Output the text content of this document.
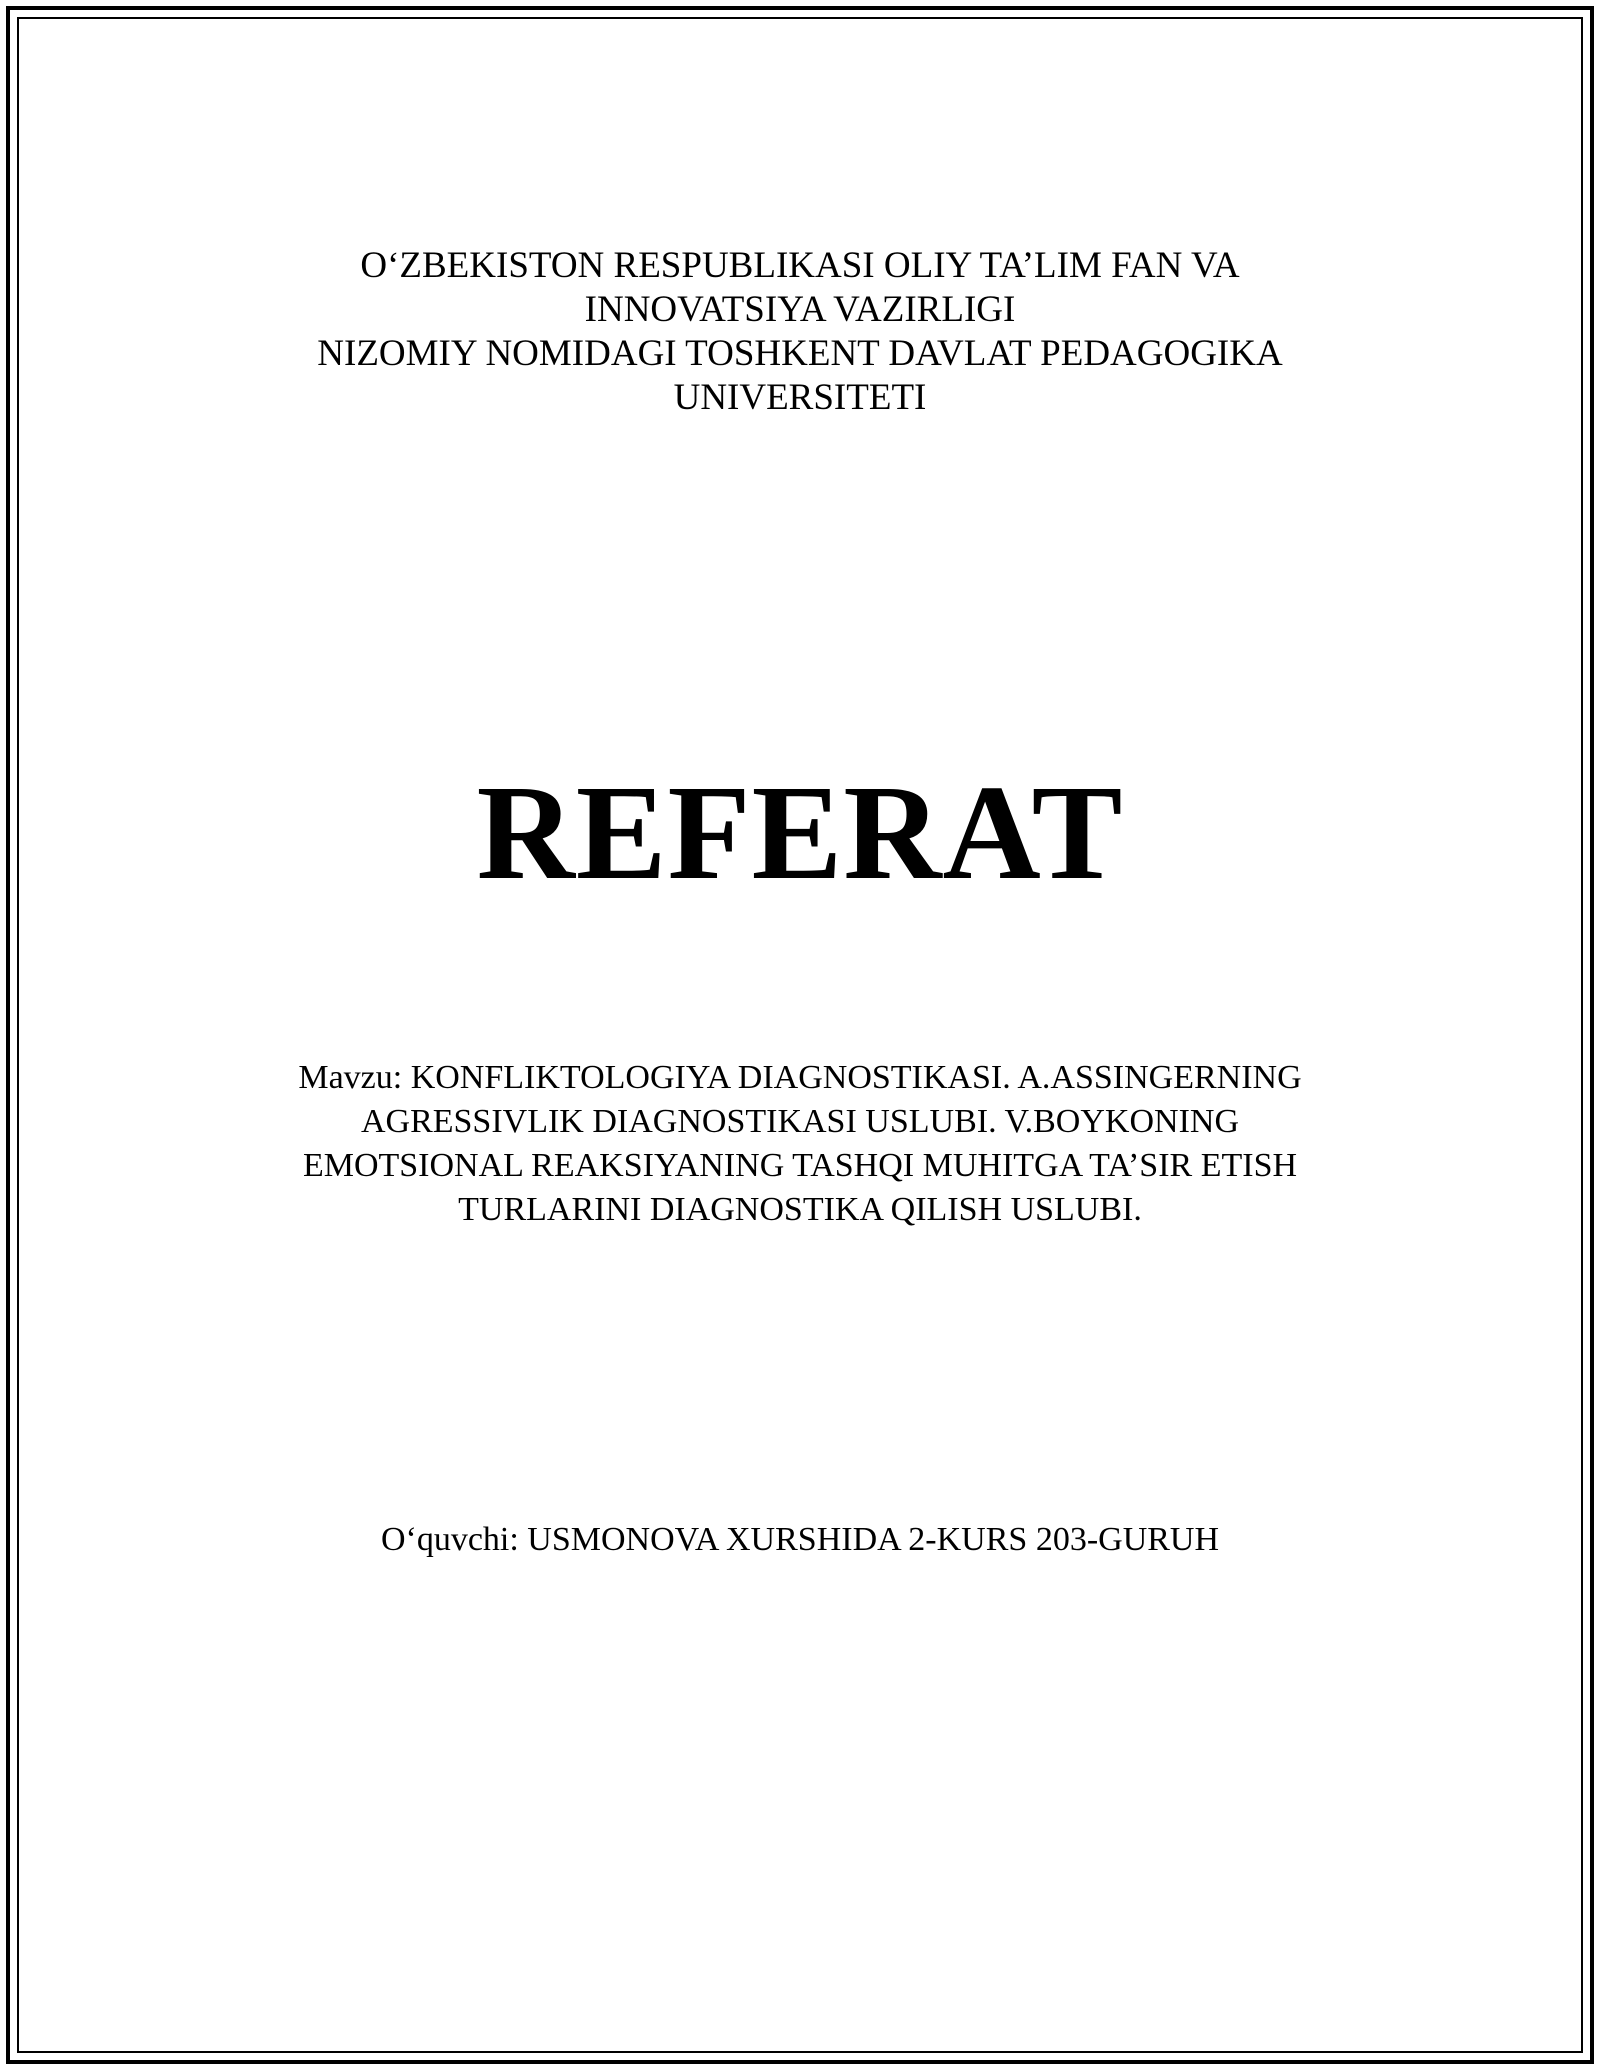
O‘ZBEKISTON RESPUBLIKASI OLIY TA’LIM FAN VA
INNOVATSIYA VAZIRLIGI
NIZOMIY NOMIDAGI TOSHKENT DAVLAT PEDAGOGIKA
UNIVERSITETI
REFERAT
Mavzu: KONFLIKTOLOGIYA DIAGNOSTIKASI. A.ASSINGERNING
AGRESSIVLIK DIAGNOSTIKASI USLUBI. V.BOYKONING
EMOTSIONAL REAKSIYANING TASHQI MUHITGA TA’SIR ETISH
TURLARINI DIAGNOSTIKA QILISH USLUBI.
O‘quvchi: USMONOVA XURSHIDA 2-KURS 203-GURUH
